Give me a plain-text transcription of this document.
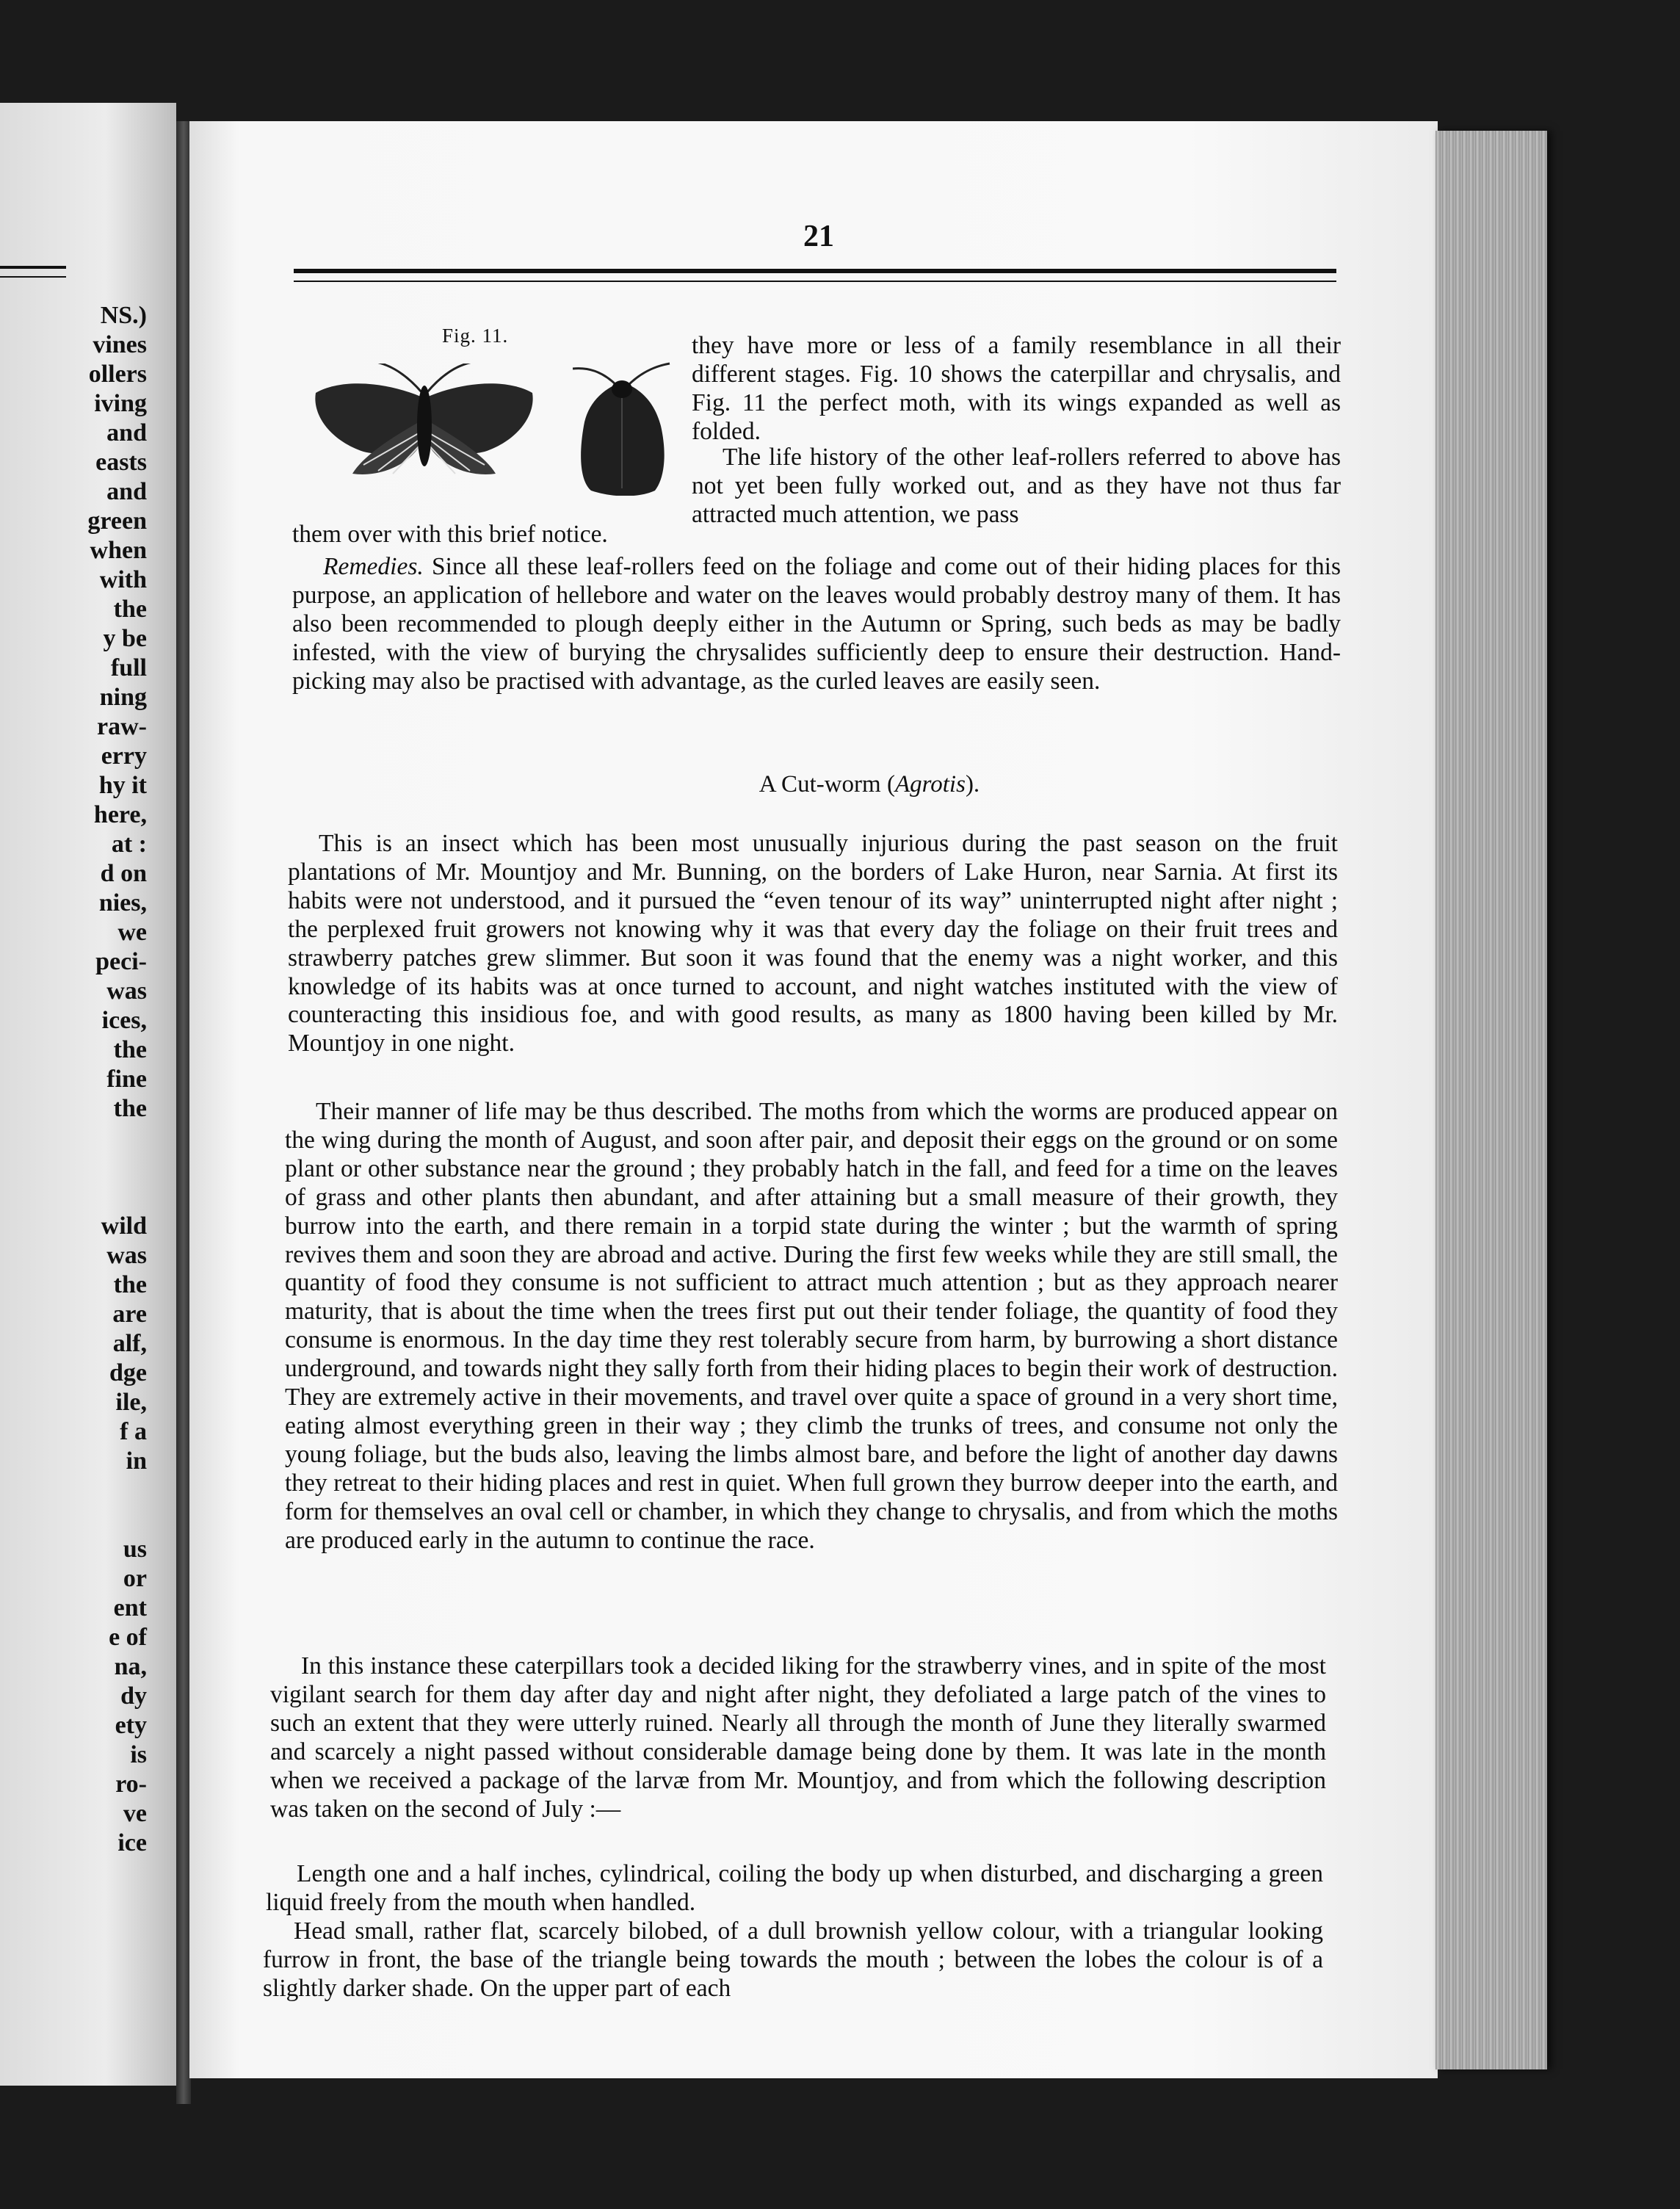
NS.)
vines
ollers
iving
and
easts
and
green
when
with
the
y be
full
ning
raw-
erry
hy it
here,
at :
d on
nies,
we
peci-
was
ices,
the
fine
the

wild
was
the
are
alf,
dge
ile,
f a
in

us
or
ent
e of
na,
dy
ety
is
ro-
ve
ice
21
Fig. 11.	they have more or less of a family resemblance in all their different stages. Fig. 10 shows the caterpillar and chrysalis, and Fig. 11 the perfect moth, with its wings expanded as well as folded.

The life history of the other leaf-rollers referred to above has not yet been fully worked out, and as they have not thus far attracted much attention, we pass

them over with this brief notice.

Remedies. Since all these leaf-rollers feed on the foliage and come out of their hiding places for this purpose, an application of hellebore and water on the leaves would probably destroy many of them. It has also been recommended to plough deeply either in the Autumn or Spring, such beds as may be badly infested, with the view of burying the chrysalides sufficiently deep to ensure their destruction. Hand-picking may also be practised with advantage, as the curled leaves are easily seen.

A Cut-worm (Agrotis).

This is an insect which has been most unusually injurious during the past season on the fruit plantations of Mr. Mountjoy and Mr. Bunning, on the borders of Lake Huron, near Sarnia. At first its habits were not understood, and it pursued the “even tenour of its way” uninterrupted night after night ; the perplexed fruit growers not knowing why it was that every day the foliage on their fruit trees and strawberry patches grew slimmer. But soon it was found that the enemy was a night worker, and this knowledge of its habits was at once turned to account, and night watches instituted with the view of counteracting this insidious foe, and with good results, as many as 1800 having been killed by Mr. Mountjoy in one night.

Their manner of life may be thus described. The moths from which the worms are produced appear on the wing during the month of August, and soon after pair, and deposit their eggs on the ground or on some plant or other substance near the ground ; they probably hatch in the fall, and feed for a time on the leaves of grass and other plants then abundant, and after attaining but a small measure of their growth, they burrow into the earth, and there remain in a torpid state during the winter ; but the warmth of spring revives them and soon they are abroad and active. During the first few weeks while they are still small, the quantity of food they consume is not sufficient to attract much attention ; but as they approach nearer maturity, that is about the time when the trees first put out their tender foliage, the quantity of food they consume is enormous. In the day time they rest tolerably secure from harm, by burrowing a short distance underground, and towards night they sally forth from their hiding places to begin their work of destruction. They are extremely active in their movements, and travel over quite a space of ground in a very short time, eating almost everything green in their way ; they climb the trunks of trees, and consume not only the young foliage, but the buds also, leaving the limbs almost bare, and before the light of another day dawns they retreat to their hiding places and rest in quiet. When full grown they burrow deeper into the earth, and form for themselves an oval cell or chamber, in which they change to chrysalis, and from which the moths are produced early in the autumn to continue the race.

In this instance these caterpillars took a decided liking for the strawberry vines, and in spite of the most vigilant search for them day after day and night after night, they defoliated a large patch of the vines to such an extent that they were utterly ruined. Nearly all through the month of June they literally swarmed and scarcely a night passed without considerable damage being done by them. It was late in the month when we received a package of the larvæ from Mr. Mountjoy, and from which the following description was taken on the second of July :—

Length one and a half inches, cylindrical, coiling the body up when disturbed, and discharging a green liquid freely from the mouth when handled.

Head small, rather flat, scarcely bilobed, of a dull brownish yellow colour, with a triangular looking furrow in front, the base of the triangle being towards the mouth ; between the lobes the colour is of a slightly darker shade. On the upper part of each
